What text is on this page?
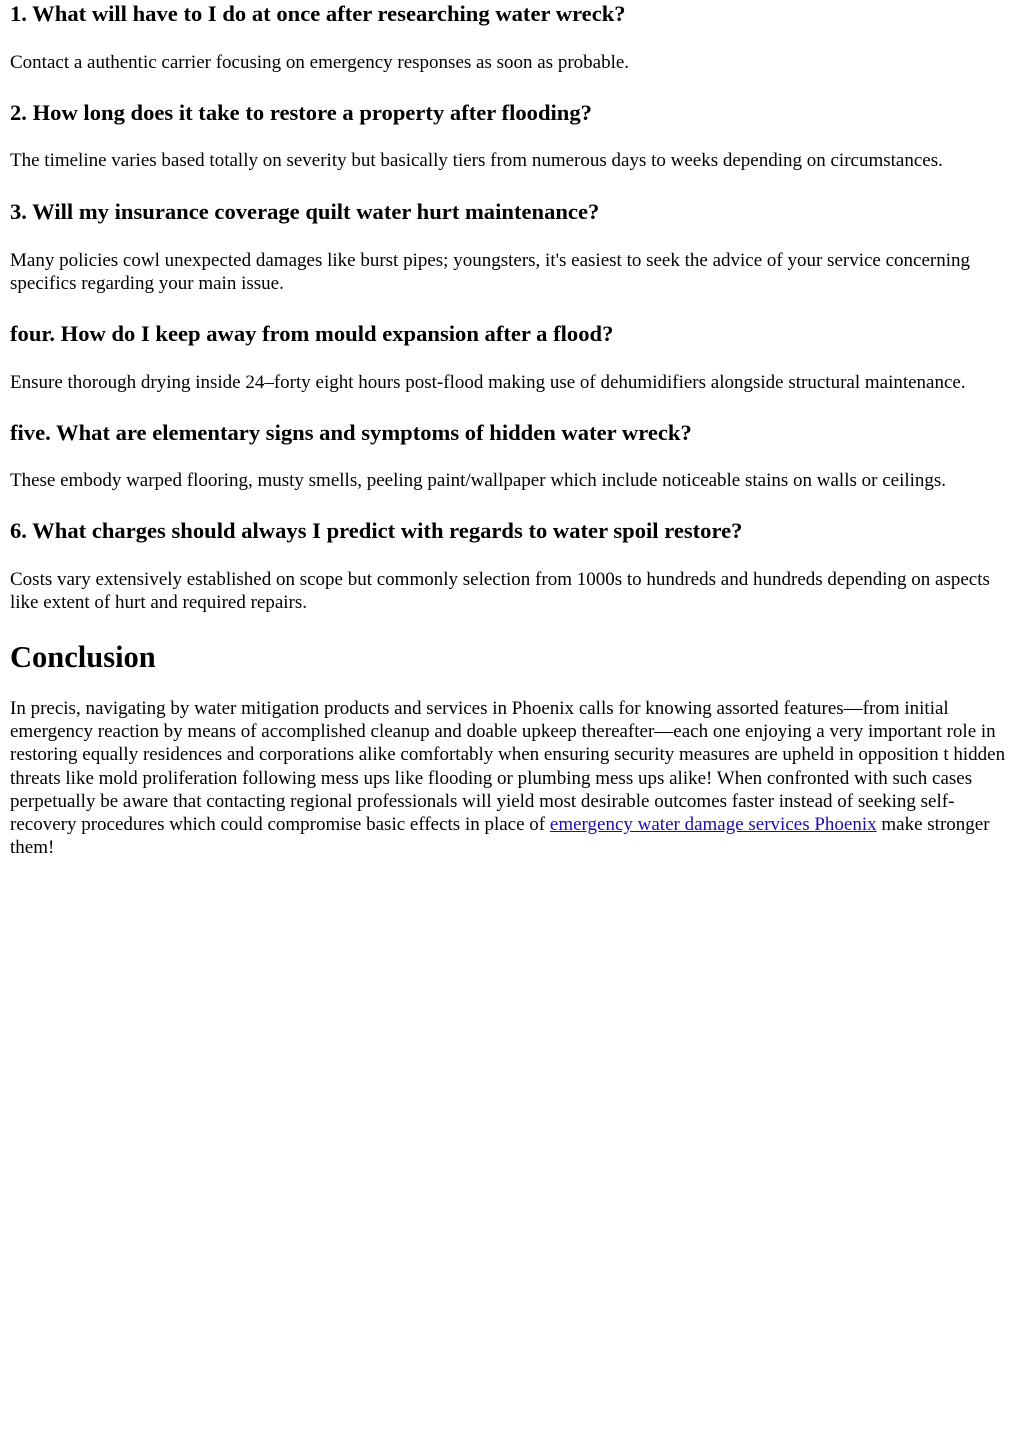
1. What will have to I do at once after researching water wreck?

Contact a authentic carrier focusing on emergency responses as soon as probable.

2. How long does it take to restore a property after flooding?

The timeline varies based totally on severity but basically tiers from numerous days to weeks depending on circumstances.

3. Will my insurance coverage quilt water hurt maintenance?

Many policies cowl unexpected damages like burst pipes; youngsters, it's easiest to seek the advice of your service concerning specifics regarding your main issue.

four. How do I keep away from mould expansion after a flood?

Ensure thorough drying inside 24–forty eight hours post-flood making use of dehumidifiers alongside structural maintenance.

five. What are elementary signs and symptoms of hidden water wreck?

These embody warped flooring, musty smells, peeling paint/wallpaper which include noticeable stains on walls or ceilings.

6. What charges should always I predict with regards to water spoil restore?

Costs vary extensively established on scope but commonly selection from 1000s to hundreds and hundreds depending on aspects like extent of hurt and required repairs.

Conclusion

In precis, navigating by water mitigation products and services in Phoenix calls for knowing assorted features—from initial emergency reaction by means of accomplished cleanup and doable upkeep thereafter—each one enjoying a very important role in restoring equally residences and corporations alike comfortably when ensuring security measures are upheld in opposition t hidden threats like mold proliferation following mess ups like flooding or plumbing mess ups alike! When confronted with such cases perpetually be aware that contacting regional professionals will yield most desirable outcomes faster instead of seeking self-recovery procedures which could compromise basic effects in place of emergency water damage services Phoenix make stronger them!
